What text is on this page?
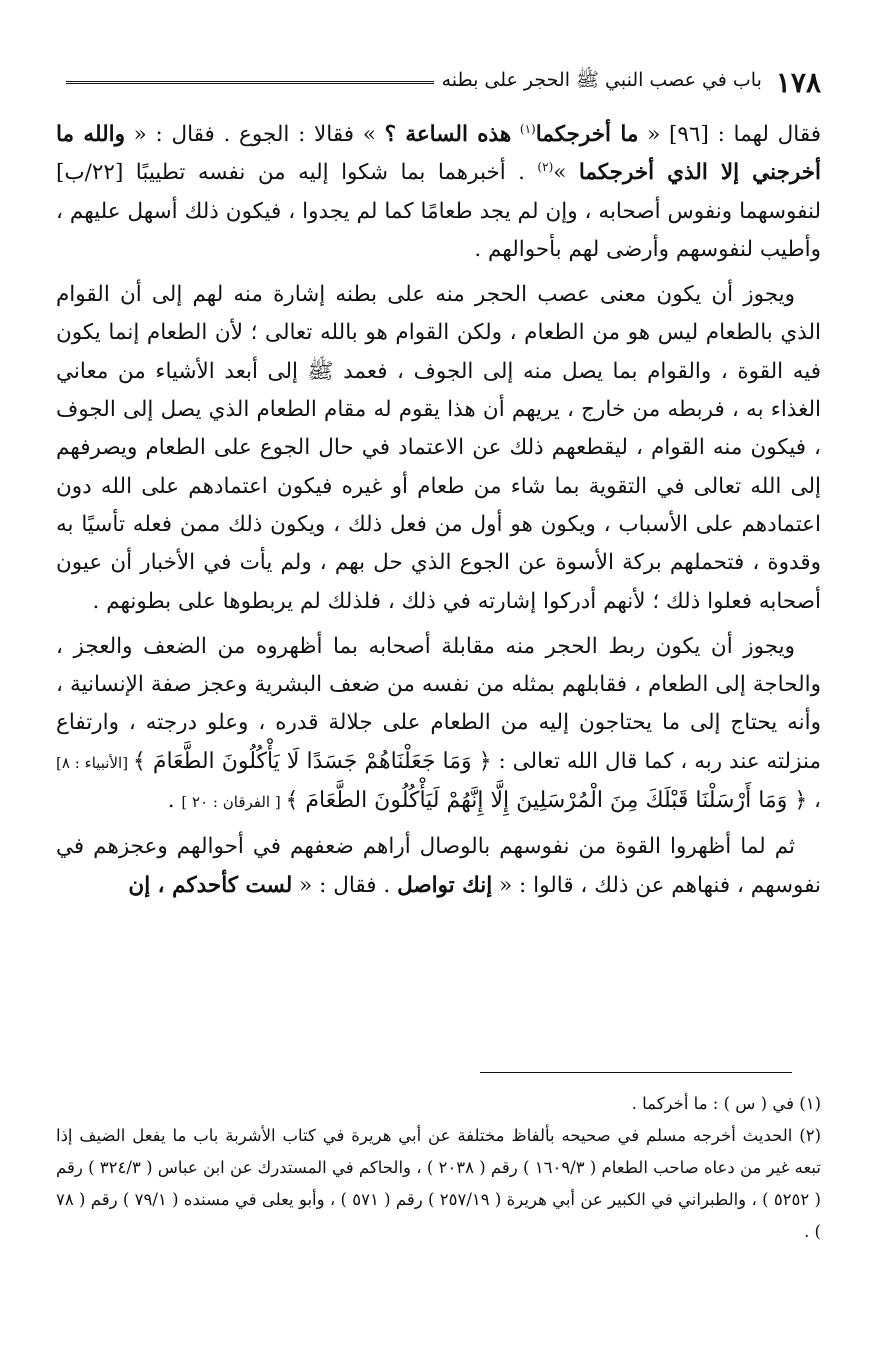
١٧٨
باب في عصب النبي ﷺ الحجر على بطنه

فقال لهما : [٩٦] « ما أخرجكما$^{(١)}$ هذه الساعة ؟ » فقالا : الجوع . فقال : « والله ما أخرجني إلا الذي أخرجكما »$^{(٢)}$ . أخبرهما بما شكوا إليه من نفسه تطييبًا [٢٢/ب] لنفوسهما ونفوس أصحابه ، وإن لم يجد طعامًا كما لم يجدوا ، فيكون ذلك أسهل عليهم ، وأطيب لنفوسهم وأرضى لهم بأحوالهم .

ويجوز أن يكون معنى عصب الحجر منه على بطنه إشارة منه لهم إلى أن القوام الذي بالطعام ليس هو من الطعام ، ولكن القوام هو بالله تعالى ؛ لأن الطعام إنما يكون فيه القوة ، والقوام بما يصل منه إلى الجوف ، فعمد ﷺ إلى أبعد الأشياء من معاني الغذاء به ، فربطه من خارج ، يريهم أن هذا يقوم له مقام الطعام الذي يصل إلى الجوف ، فيكون منه القوام ، ليقطعهم ذلك عن الاعتماد في حال الجوع على الطعام ويصرفهم إلى الله تعالى في التقوية بما شاء من طعام أو غيره فيكون اعتمادهم على الله دون اعتمادهم على الأسباب ، ويكون هو أول من فعل ذلك ، ويكون ذلك ممن فعله تأسيًا به وقدوة ، فتحملهم بركة الأسوة عن الجوع الذي حل بهم ، ولم يأت في الأخبار أن عيون أصحابه فعلوا ذلك ؛ لأنهم أدركوا إشارته في ذلك ، فلذلك لم يربطوها على بطونهم .

ويجوز أن يكون ربط الحجر منه مقابلة أصحابه بما أظهروه من الضعف والعجز ، والحاجة إلى الطعام ، فقابلهم بمثله من نفسه من ضعف البشرية وعجز صفة الإنسانية ، وأنه يحتاج إلى ما يحتاجون إليه من الطعام على جلالة قدره ، وعلو درجته ، وارتفاع منزلته عند ربه ، كما قال الله تعالى : ﴿ وَمَا جَعَلْنَاهُمْ جَسَدًا لَا يَأْكُلُونَ الطَّعَامَ ﴾ [الأنبياء : ٨] ، ﴿ وَمَا أَرْسَلْنَا قَبْلَكَ مِنَ الْمُرْسَلِينَ إِلَّا إِنَّهُمْ لَيَأْكُلُونَ الطَّعَامَ ﴾ [ الفرقان : ٢٠ ] .

ثم لما أظهروا القوة من نفوسهم بالوصال أراهم ضعفهم في أحوالهم وعجزهم في نفوسهم ، فنهاهم عن ذلك ، قالوا : « إنك تواصل . فقال : « لست كأحدكم ، إن

(١) في ( س ) : ما أخركما .

(٢) الحديث أخرجه مسلم في صحيحه بألفاظ مختلفة عن أبي هريرة في كتاب الأشربة باب ما يفعل الضيف إذا تبعه غير من دعاه صاحب الطعام ( ١٦٠٩/٣ ) رقم ( ٢٠٣٨ ) ، والحاكم في المستدرك عن ابن عباس ( ٣٢٤/٣ ) رقم ( ٥٢٥٢ ) ، والطبراني في الكبير عن أبي هريرة ( ٢٥٧/١٩ ) رقم ( ٥٧١ ) ، وأبو يعلى في مسنده ( ٧٩/١ ) رقم ( ٧٨ ) .
